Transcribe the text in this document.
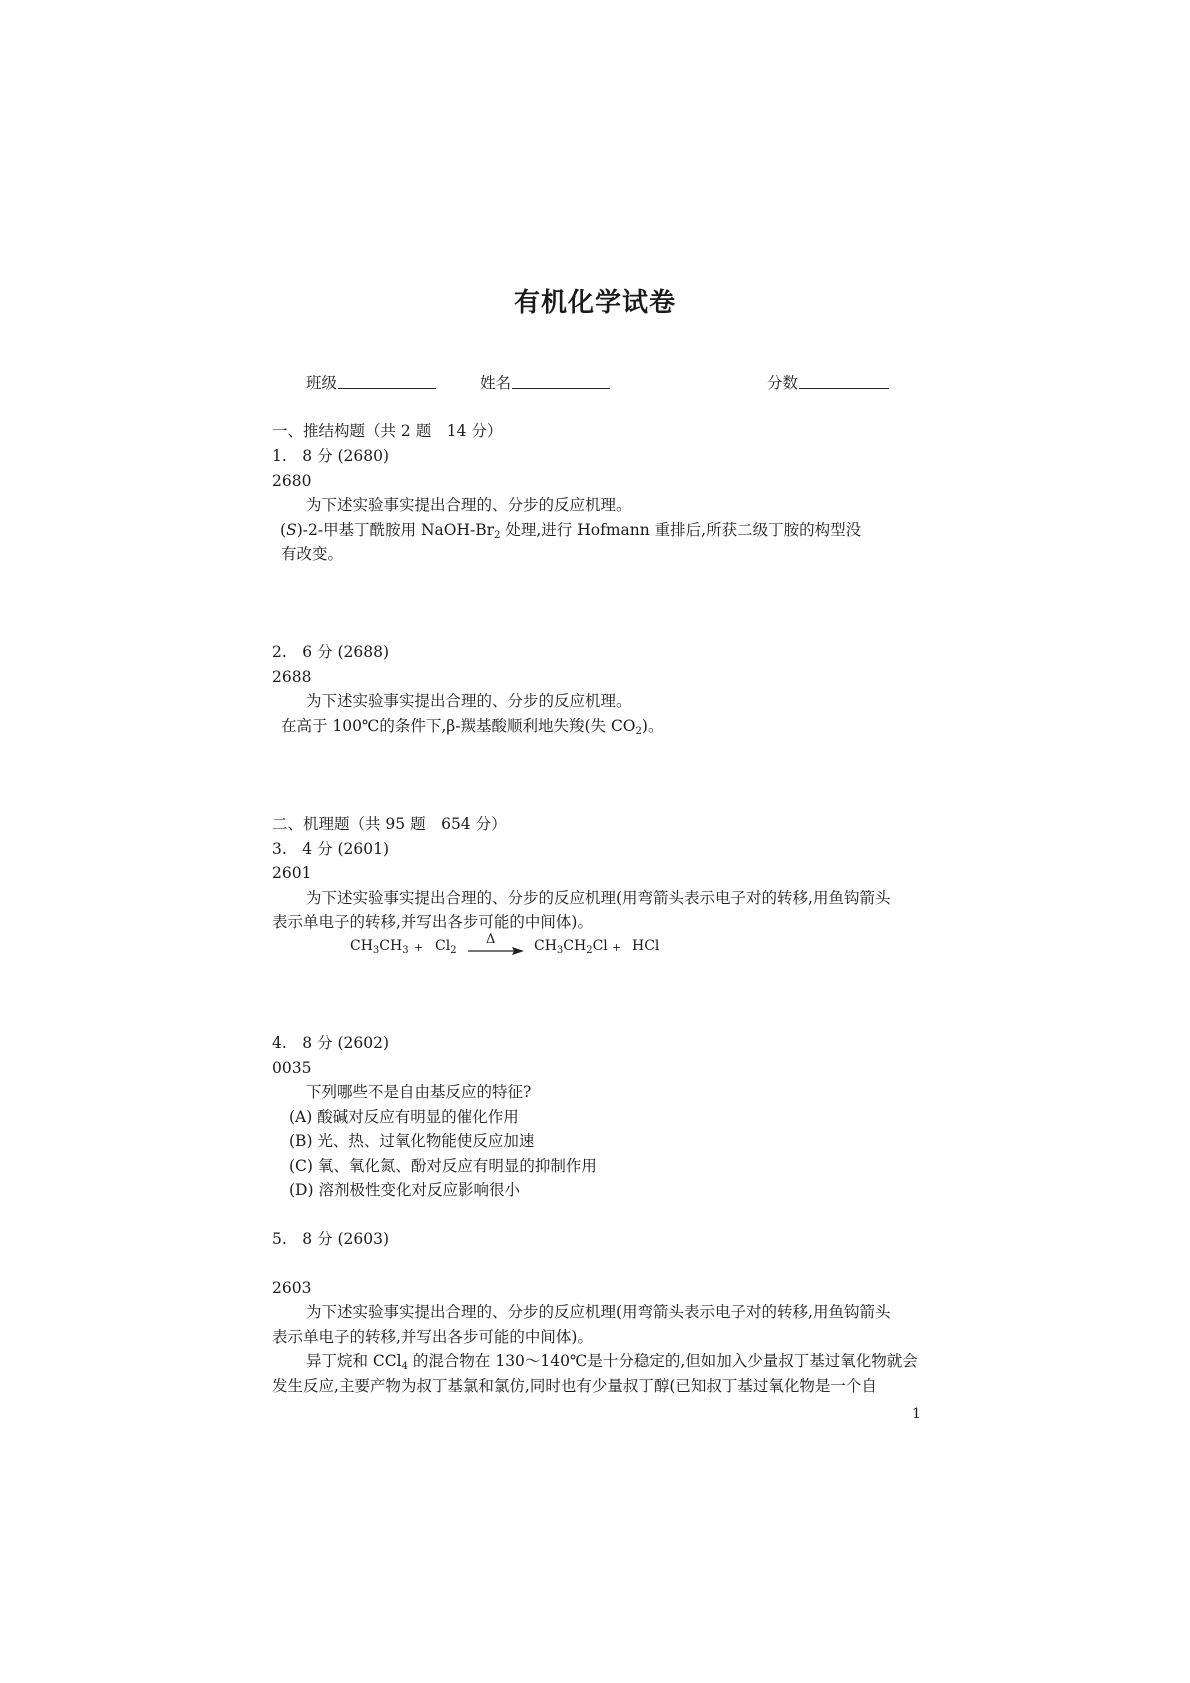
有机化学试卷
班级	姓名	分数
一、推结构题（共 2 题　14 分）
1.　8 分 (2680)
2680
为下述实验事实提出合理的、分步的反应机理。
(S)-2-甲基丁酰胺用 NaOH-$Br_2$ 处理,进行 Hofmann 重排后,所获二级丁胺的构型没
有改变。
2.　6 分 (2688)
2688
为下述实验事实提出合理的、分步的反应机理。
在高于 100℃的条件下,β-羰基酸顺利地失羧(失 $CO_2$)。
二、机理题（共 95 题　654 分）
3.　4 分 (2601)
2601
为下述实验事实提出合理的、分步的反应机理(用弯箭头表示电子对的转移,用鱼钩箭头
表示单电子的转移,并写出各步可能的中间体)。
$CH_3CH_3 + Cl_2$
$\Delta \to CH_3CH_2Cl$ + HCl
4.　8 分 (2602)
0035
下列哪些不是自由基反应的特征?
(A) 酸碱对反应有明显的催化作用
(B) 光、热、过氧化物能使反应加速
(C) 氧、氧化氮、酚对反应有明显的抑制作用
(D) 溶剂极性变化对反应影响很小
5.　8 分 (2603)
2603
为下述实验事实提出合理的、分步的反应机理(用弯箭头表示电子对的转移,用鱼钩箭头
表示单电子的转移,并写出各步可能的中间体)。
异丁烷和 CCl$_4$ 的混合物在 130～140℃是十分稳定的,但如加入少量叔丁基过氧化物就会
发生反应,主要产物为叔丁基氯和氯仿,同时也有少量叔丁醇(已知叔丁基过氧化物是一个自
1
